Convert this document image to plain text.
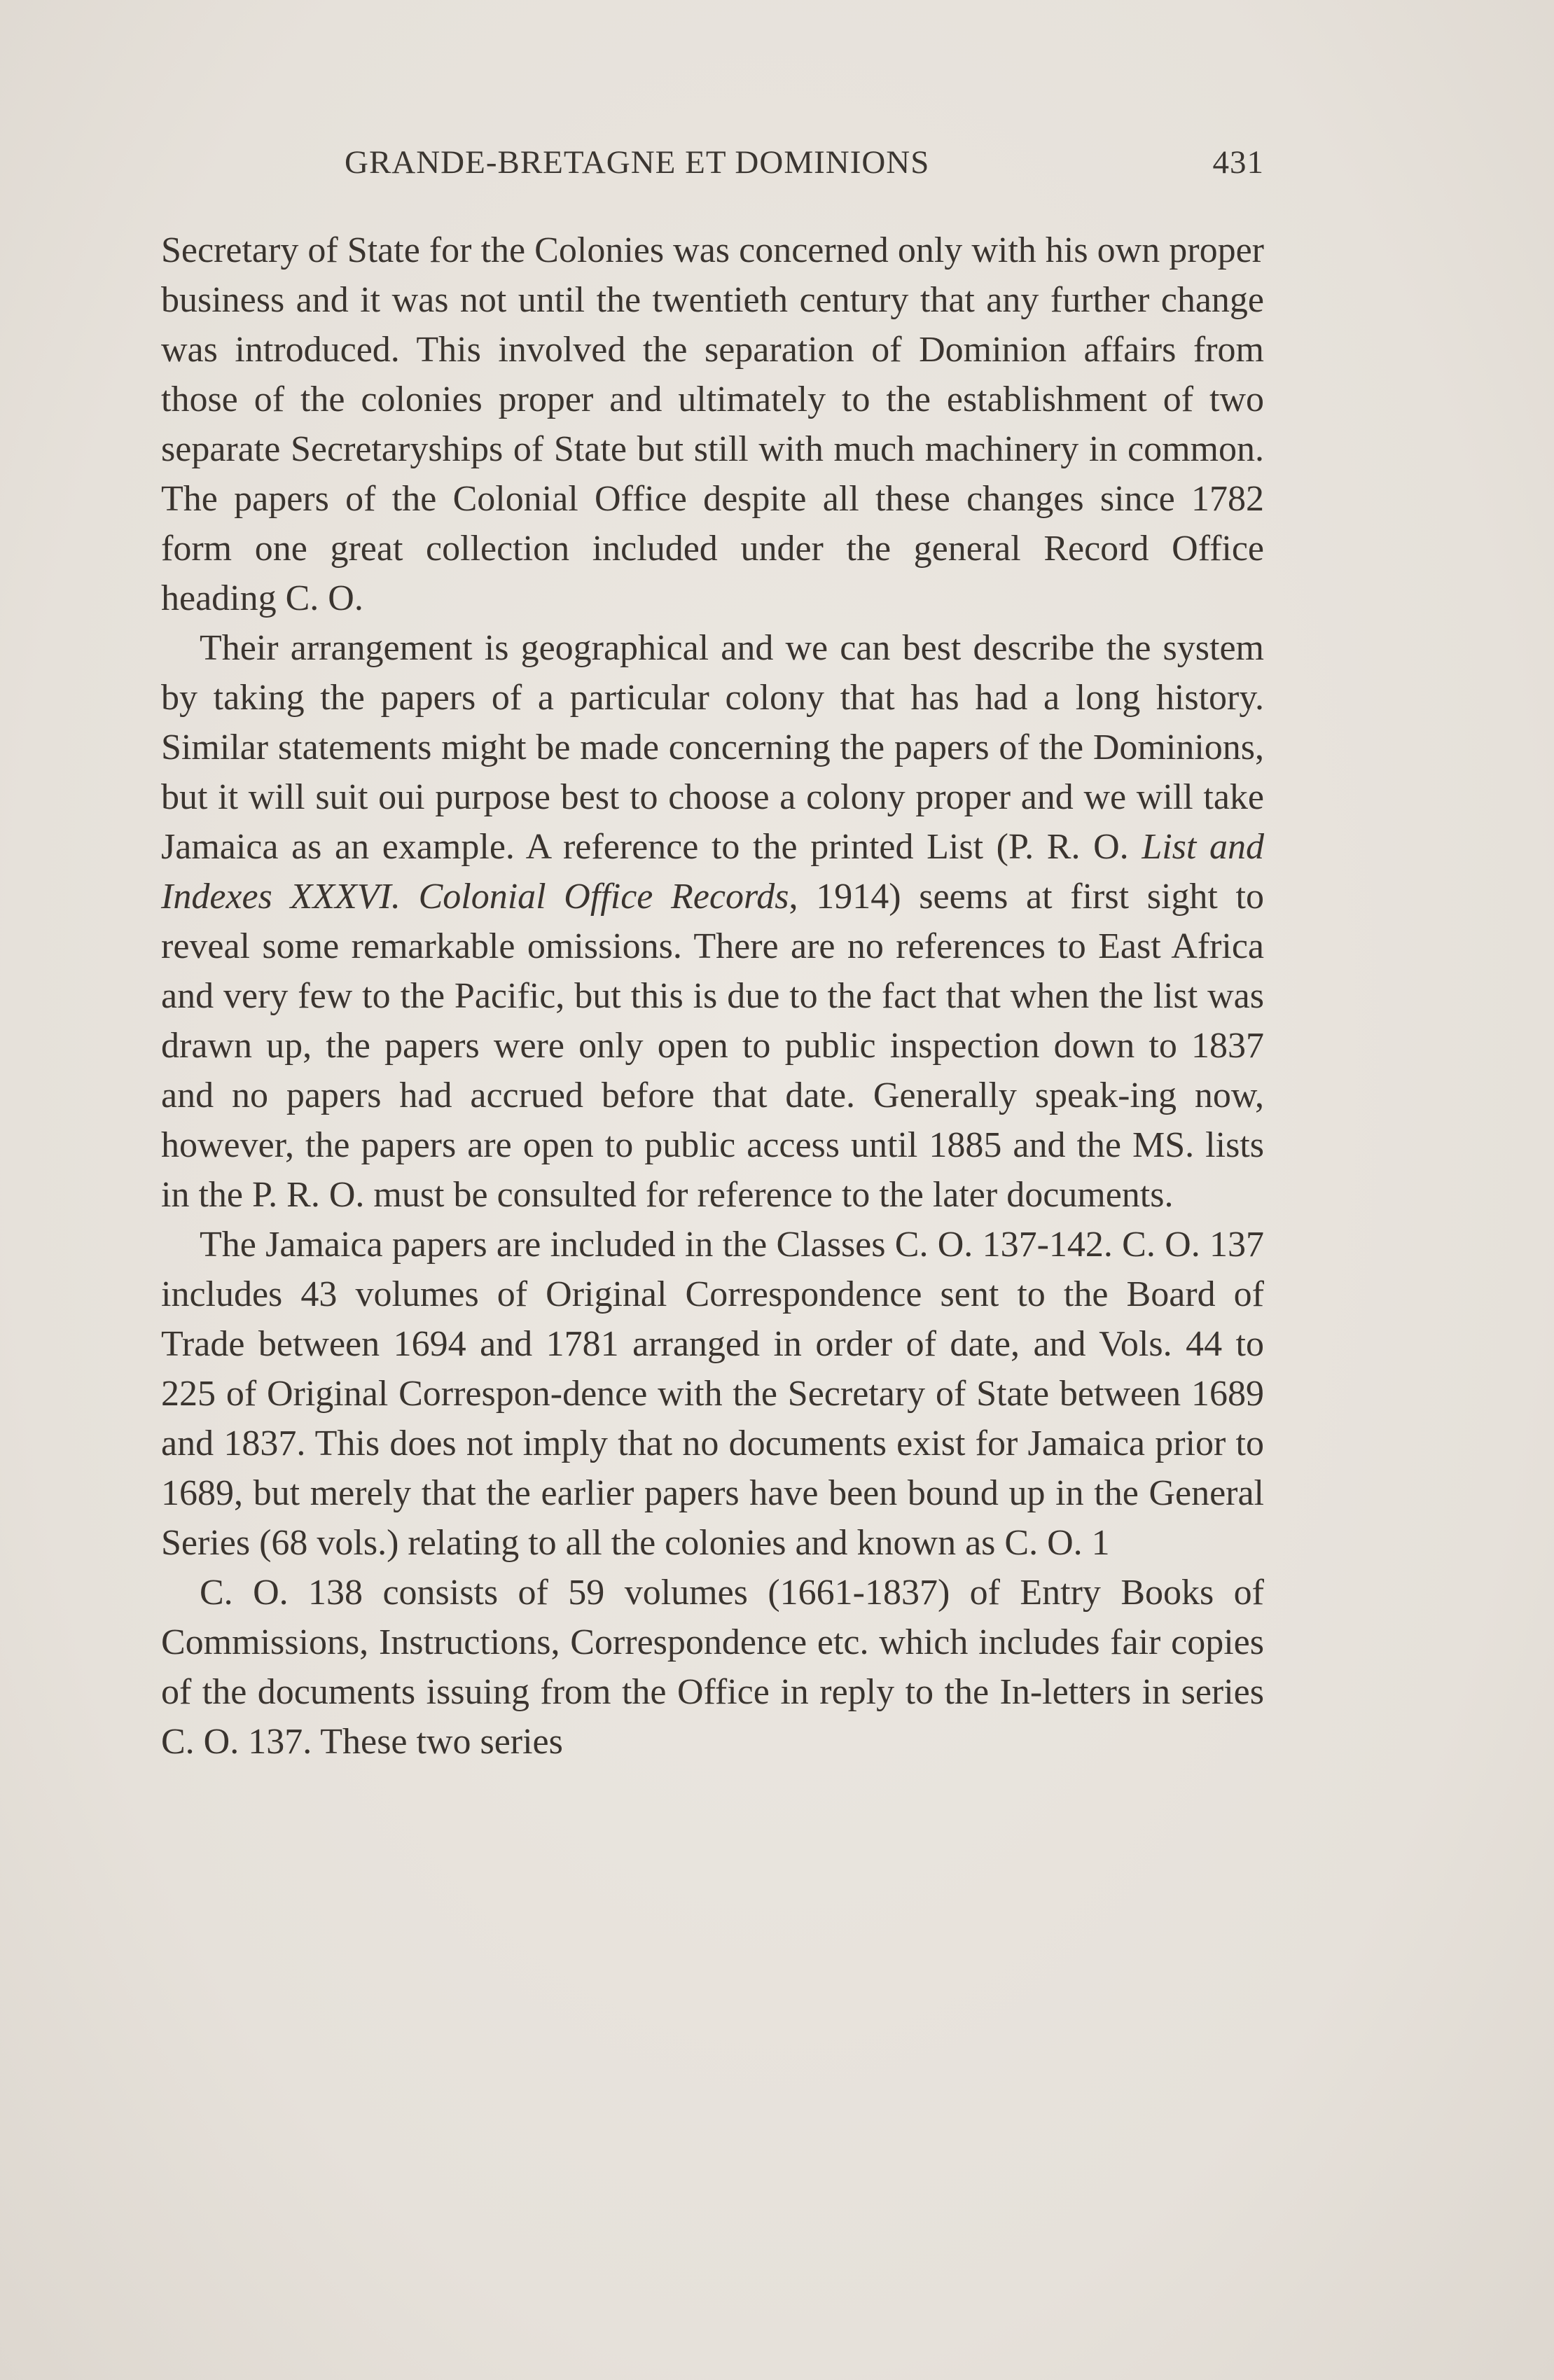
GRANDE-BRETAGNE ET DOMINIONS	431

Secretary of State for the Colonies was concerned only with his own proper business and it was not until the twentieth century that any further change was introduced. This involved the separation of Dominion affairs from those of the colonies proper and ultimately to the establishment of two separate Secretaryships of State but still with much machinery in common. The papers of the Colonial Office despite all these changes since 1782 form one great collection included under the general Record Office heading C. O.

Their arrangement is geographical and we can best describe the system by taking the papers of a particular colony that has had a long history. Similar statements might be made concerning the papers of the Dominions, but it will suit oui purpose best to choose a colony proper and we will take Jamaica as an example. A reference to the printed List (P. R. O. List and Indexes XXXVI. Colonial Office Records, 1914) seems at first sight to reveal some remarkable omissions. There are no references to East Africa and very few to the Pacific, but this is due to the fact that when the list was drawn up, the papers were only open to public inspection down to 1837 and no papers had accrued before that date. Generally speak-ing now, however, the papers are open to public access until 1885 and the MS. lists in the P. R. O. must be consulted for reference to the later documents.

The Jamaica papers are included in the Classes C. O. 137-142. C. O. 137 includes 43 volumes of Original Correspondence sent to the Board of Trade between 1694 and 1781 arranged in order of date, and Vols. 44 to 225 of Original Correspon-dence with the Secretary of State between 1689 and 1837. This does not imply that no documents exist for Jamaica prior to 1689, but merely that the earlier papers have been bound up in the General Series (68 vols.) relating to all the colonies and known as C. O. 1

C. O. 138 consists of 59 volumes (1661-1837) of Entry Books of Commissions, Instructions, Correspondence etc. which includes fair copies of the documents issuing from the Office in reply to the In-letters in series C. O. 137. These two series
